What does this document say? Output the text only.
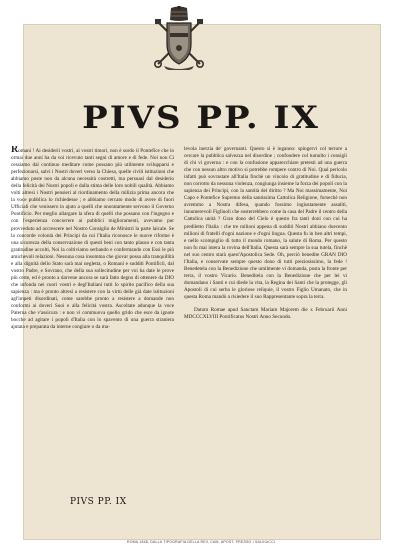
PIVS PP. IX
Romani ! Ai desiderii vostri, ai vostri timori, non è sordo il Pontefice che in ormai due anni ha da voi ricevuto tanti segni di amore e di fede. Noi non Ci cessiamo dal continuo meditare come possano più utilmente svilupparsi e perfezionarsi, salvi i Nostri doveri verso la Chiesa, quelle civili istituzioni che abbiamo poste non da alcuna necessità costretti, ma persuasi dal desiderio della felicità dei Nostri popoli e dalla stima delle loro nobili qualità. Abbiamo volti altresì i Nostri pensieri al riordinamento della milizia prima ancora che la voce pubblica lo richiedesse ; e abbiamo cercato modo di avere di fuori Ufficiali che venissero in ajuto a quelli che onoratamente servono il Governo Pontificio. Per meglio allargare la sfera di quelli che possano con l'ingegno e con l'esperienza concorrere ai pubblici miglioramenti, avevamo pur provveduto ad accrescere nel Nostro Consiglio de Ministri la parte laicale. Se la concorde volontà dei Principi da cui l'Italia riconosce le nuove riforme è una sicurezza della conservazione di questi beni con tanto plauso e con tanta gratitudine accolti, Noi la coltiviamo serbando e confermando con Essi le più amichevoli relazioni. Nessuna cosa insomma che giovar possa alla tranquillità e alla dignità dello Stato sarà mai negletta, o Romani e sudditi Pontificii, dal vostro Padre, e Sovrano, che della sua sollecitudine per voi ha date le prove più certe, ed è pronto a darvene ancora se sarà fatto degno di ottenere da DIO che infonda nei cuori vostri e degl'Italiani tutti lo spirito pacifico della sua sapienza : ma è pronto altresì a resistere con la virtù delle già date istituzioni agl'impeti disordinati, come sarebbe pronto a resistere a domande non conformi ai doveri Suoi e alla felicità vostra. Ascoltate adunque la voce Paterna che v'assicura : e non vi commuova quello grido che esce da ignote bocche ad agitare i popoli d'Italia con lo spavento di una guerra straniera ajutata e preparata da interne congiure o da ma-
levola inerzia de' governanti. Questo si è inganno: spingervi col terrore a cercare la pubblica salvezza nel disordine ; confondere col tumulto i consigli di chi vi governa : e con la confusione apparecchiare pretesti ad una guerra che con nessun altro motivo si potrebbe rompere contro di Noi. Qual pericolo infatti può sovrastare all'Italia finchè un vincolo di gratitudine e di fiducia, non corrotto da nessuna violenza, congiunga insieme la forza dei popoli con la sapienza dei Principi, con la santità del diritto ? Ma Noi massimamente, Noi Capo e Pontefice Supremo della santissima Cattolica Religione, forsechè non avremmo a Nostra difesa, quando fossimo ingiustamente assaliti, innumerevoli Figliuoli che sosterrebbero come la casa del Padre il centro della Cattolica unità ? Gran dono del Cielo è questo fra tanti doni con cui ha prediletto l'Italia : che tre milioni appena di sudditi Nostri abbiano duecento milioni di fratelli d'ogni nazione e d'ogni lingua. Questa fu in ben altri tempi, e nello scompiglio di tutto il mondo romano, la salute di Roma. Per questo non fu mai intera la rovina dell'Italia. Questa sarà sempre la sua tutela, finchè nel suo centro starà quest'Apostolica Sede. Oh, perciò benedite GRAN DIO l'Italia, e conservate sempre questo dono di tutti preziosissimo, la fede ! Benedetela con la Benedizione che umilmente vi domanda, posta la fronte per terra, il vostro Vicario. Beneditela con la Benedizione che per lei vi domandano i Santi e cui diede la vita, la Regina dei Santi che la protegge, gli Apostoli di cui serba le gloriose reliquie, il vostro Figlio Umanato, che in questa Roma mandò a risiedere il suo Rappresentante sopra la terra.
Datum Romae apud Sanctam Mariam Majorem die x Februarii Anni MDCCCXLVIII Pontificatus Nostri Anno Secundo.
PIVS PP. IX
ROMA 1848. DALLA TIPOGRAFIA DELLA REV. CAM. APOST. PRESSO I SALVIUCCI
